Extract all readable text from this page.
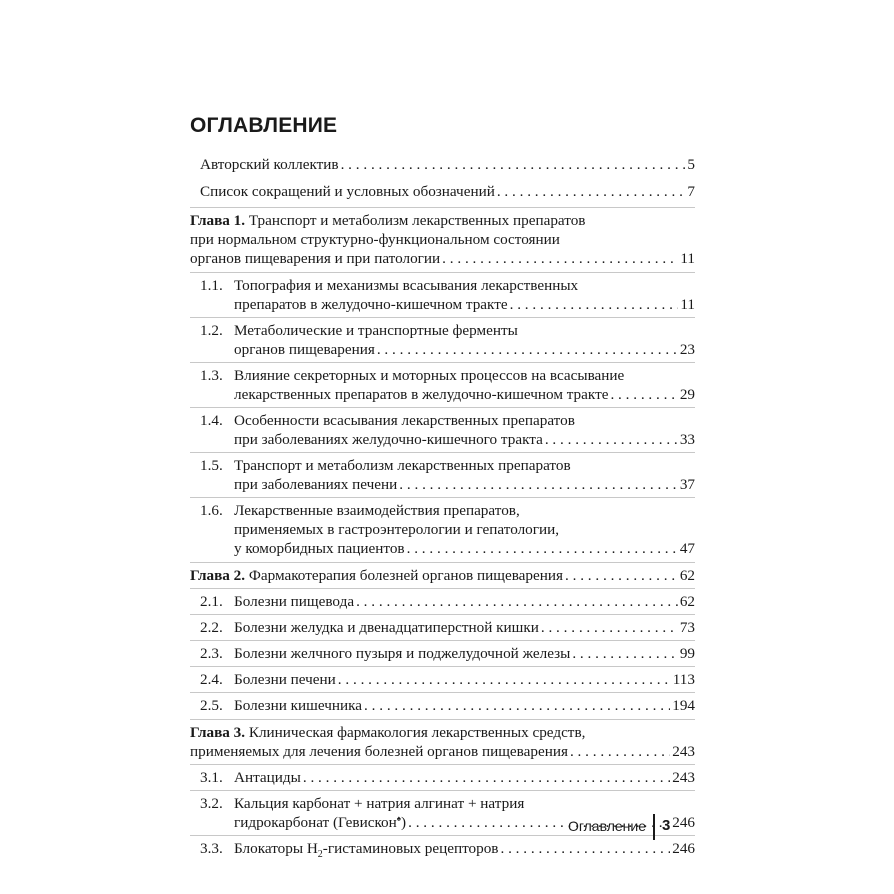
ОГЛАВЛЕНИЕ
Авторский коллектив . . .	5
Список сокращений и условных обозначений . . .	7
Глава 1. Транспорт и метаболизм лекарственных препаратов
при нормальном структурно-функциональном состоянии
органов пищеварения и при патологии . . .	11
1.1. Топография и механизмы всасывания лекарственных
препаратов в желудочно-кишечном тракте . . .	11
1.2. Метаболические и транспортные ферменты
органов пищеварения . . .	23
1.3. Влияние секреторных и моторных процессов на всасывание
лекарственных препаратов в желудочно-кишечном тракте . . .	29
1.4. Особенности всасывания лекарственных препаратов
при заболеваниях желудочно-кишечного тракта . . .	33
1.5. Транспорт и метаболизм лекарственных препаратов
при заболеваниях печени . . .	37
1.6. Лекарственные взаимодействия препаратов,
применяемых в гастроэнтерологии и гепатологии,
у коморбидных пациентов . . .	47
Глава 2. Фармакотерапия болезней органов пищеварения . . .	62
2.1. Болезни пищевода . . .	62
2.2. Болезни желудка и двенадцатиперстной кишки . . .	73
2.3. Болезни желчного пузыря и поджелудочной железы . . .	99
2.4. Болезни печени . . .	113
2.5. Болезни кишечника . . .	194
Глава 3. Клиническая фармакология лекарственных средств,
применяемых для лечения болезней органов пищеварения . . .	243
3.1. Антациды . . .	243
3.2. Кальция карбонат + натрия алгинат + натрия
гидрокарбонат (Гевискон♠) . . .	246
3.3. Блокаторы $Н_2$-гистаминовых рецепторов . . .	246
Оглавление 3
